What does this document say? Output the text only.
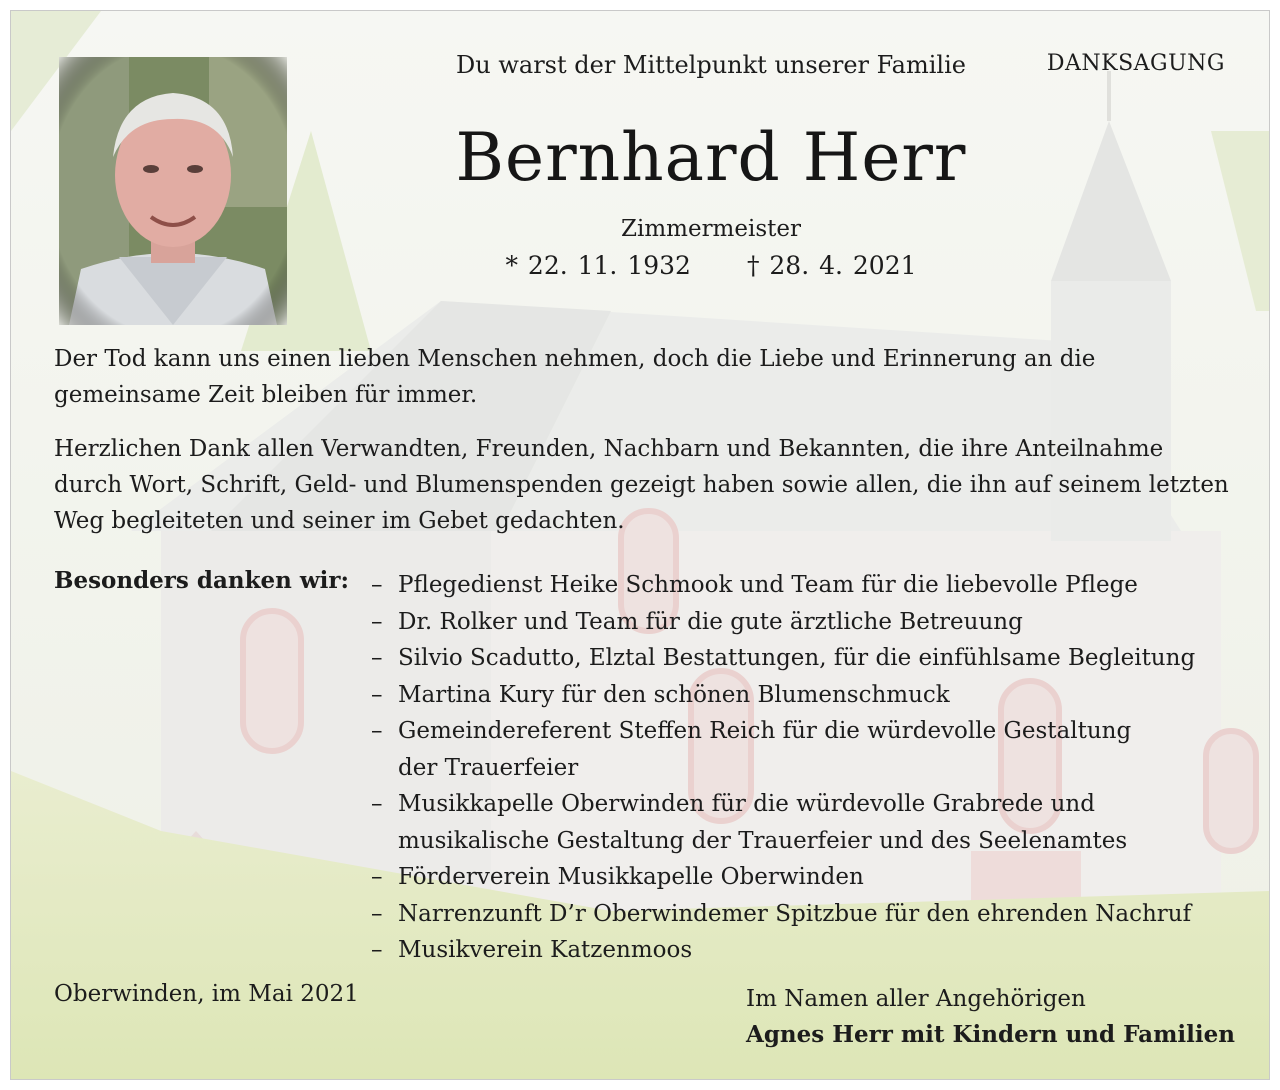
Du warst der Mittelpunkt unserer Familie	DANKSAGUNG
Bernhard Herr
Zimmermeister
* 22. 11. 1932 † 28. 4. 2021

Der Tod kann uns einen lieben Menschen nehmen, doch die Liebe und Erinnerung an die gemeinsame Zeit bleiben für immer.

Herzlichen Dank allen Verwandten, Freunden, Nachbarn und Bekannten, die ihre Anteilnahme durch Wort, Schrift, Geld- und Blumenspenden gezeigt haben sowie allen, die ihn auf seinem letzten Weg begleiteten und seiner im Gebet gedachten.

Besonders danken wir: – Pflegedienst Heike Schmook und Team für die liebevolle Pflege
– Dr. Rolker und Team für die gute ärztliche Betreuung
– Silvio Scadutto, Elztal Bestattungen, für die einfühlsame Begleitung
– Martina Kury für den schönen Blumenschmuck
– Gemeindereferent Steffen Reich für die würdevolle Gestaltung der Trauerfeier
– Musikkapelle Oberwinden für die würdevolle Grabrede und musikalische Gestaltung der Trauerfeier und des Seelenamtes
– Förderverein Musikkapelle Oberwinden
– Narrenzunft D’r Oberwindemer Spitzbue für den ehrenden Nachruf
– Musikverein Katzenmoos
Oberwinden, im Mai 2021	Im Namen aller Angehörigen
Agnes Herr mit Kindern und Familien
